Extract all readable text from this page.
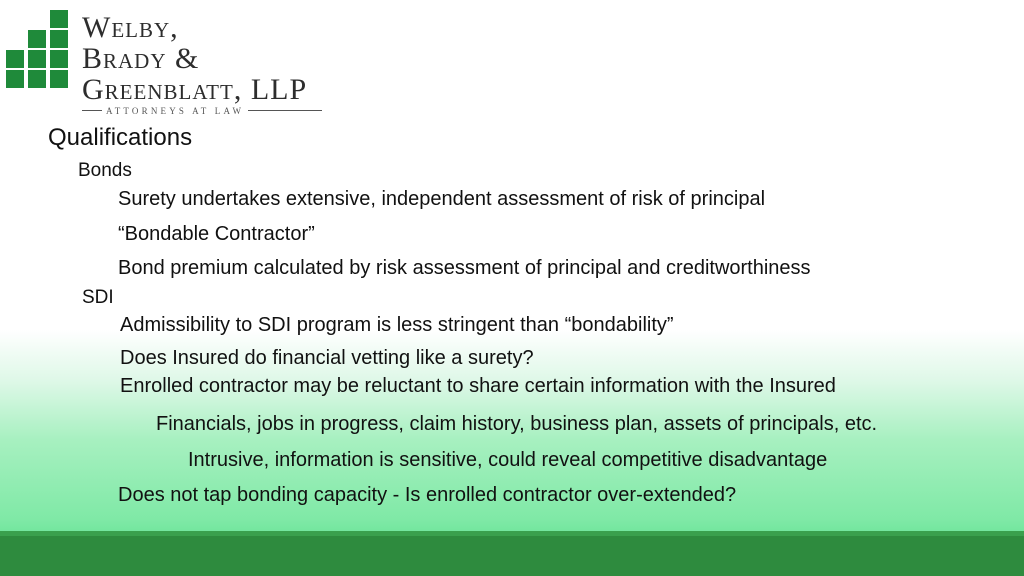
Welby,
Brady &
Greenblatt, LLP
ATTORNEYS AT LAW
Qualifications
Bonds
Surety undertakes extensive, independent assessment of risk of principal
“Bondable Contractor”
Bond premium calculated by risk assessment of principal and creditworthiness
SDI
Admissibility to SDI program is less stringent than “bondability”
Does Insured do financial vetting like a surety?
Enrolled contractor may be reluctant to share certain information with the Insured
Financials, jobs in progress, claim history, business plan, assets of principals, etc.
Intrusive, information is sensitive, could reveal competitive disadvantage
Does not tap bonding capacity - Is enrolled contractor over-extended?
